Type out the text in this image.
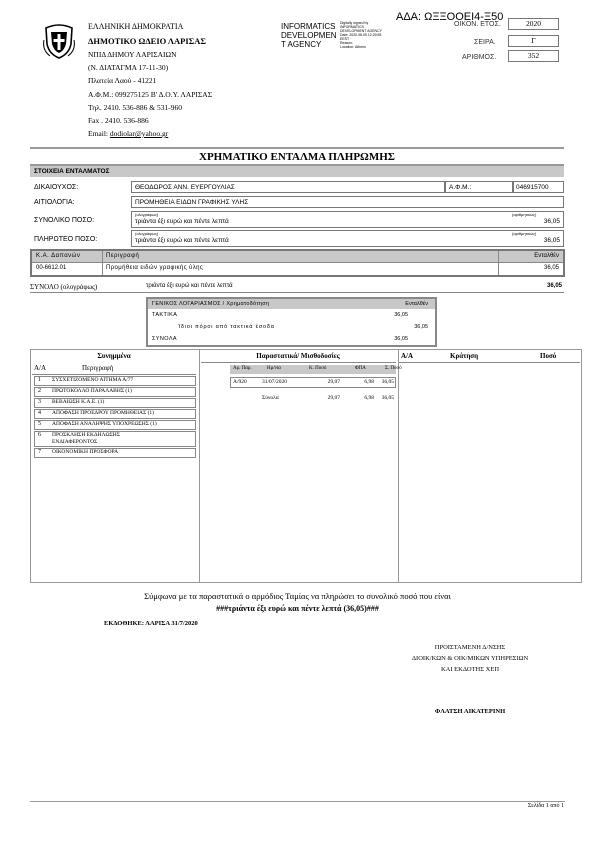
ΕΛΛΗΝΙΚΗ ΔΗΜΟΚΡΑΤΙΑ
ΔΗΜΟΤΙΚΟ ΩΔΕΙΟ ΛΑΡΙΣΑΣ
ΝΠΙΔ ΔΗΜΟΥ ΛΑΡΙΣΑΙΩΝ
(Ν. ΔΙΑΤΑΓΜΑ 17-11-30)
Πλατεία Λαού - 41221
Α.Φ.Μ.: 099275125 Β' Δ.Ο.Υ. ΛΑΡΙΣΑΣ
Τηλ. 2410. 536-886 & 531-960
Fax . 2410. 536-886
Email: dodiolar@yahoo.gr
INFORMATICS
DEVELOPMEN
T AGENCY
Digitally signed by
INFORMATICS
DEVELOPMENT AGENCY
Date: 2020.08.05 12:29:55
EEST
Reason:
Location: Athens
ΑΔΑ: ΩΞΞΟΟΕΙ4-Ξ50
ΟΙΚΟΝ. ΕΤΟΣ.	2020
ΣΕΙΡΑ.	Γ
ΑΡΙΘΜΟΣ.	352
ΧΡΗΜΑΤΙΚΟ ΕΝΤΑΛΜΑ ΠΛΗΡΩΜΗΣ
ΣΤΟΙΧΕΙΑ ΕΝΤΑΛΜΑΤΟΣ
ΔΙΚΑΙΟΥΧΟΣ:	ΘΕΟΔΩΡΟΣ ΑΝΝ. ΕΥΕΡΓΟΥΛΙΑΣ	Α.Φ.Μ.:	046915700
ΑΙΤΙΟΛΟΓΙΑ:	ΠΡΟΜΗΘΕΙΑ ΕΙΔΩΝ ΓΡΑΦΙΚΗΣ ΥΛΗΣ
ΣΥΝΟΛΙΚΟ ΠΟΣΟ:
(ολογράφως)
τριάντα έξι ευρώ και πέντε λεπτά
(αριθμητικώς)
36,05
ΠΛΗΡΩΤΕΟ ΠΟΣΟ:
(ολογράφως)
τριάντα έξι ευρώ και πέντε λεπτά
(αριθμητικώς)
36,05
Κ.Α. Δαπανών	Περιγραφή	Ενταλθέν
00-6612.01	Προμήθεια ειδών γραφικής ύλης	36,05
ΣΥΝΟΛΟ (ολογράφως)	τριάντα έξι ευρώ και πέντε λεπτά	36,05
ΓΕΝΙΚΟΣ ΛΟΓΑΡΙΑΣΜΟΣ / Χρηματοδότηση	Ενταλθέν
ΤΑΚΤΙΚΑ	36,05
Ίδιοι πόροι από τακτικά έσοδα	36,05
ΣΥΝΟΛΑ	36,05
Συνημμένα
Α/Α	Περιγραφή
1 ΣΥΣΧΕΤΙΖΟΜΕΝΟ ΑΙΤΗΜΑ Α/77
2 ΠΡΩΤΟΚΟΛΛΟ ΠΑΡΑΛΑΒΗΣ (1)
3 ΒΕΒΑΙΩΣΗ Κ.Α.Ε. (1)
4 ΑΠΟΦΑΣΗ ΠΡΟΕΔΡΟΥ ΠΡΟΜΗΘΕΙΑΣ (1)
5 ΑΠΟΦΑΣΗ ΑΝΑΛΗΨΗΣ ΥΠΟΧΡΕΩΣΗΣ (1)
6 ΠΡΟΣΚΛΗΣΗ ΕΚΔΗΛΩΣΗΣ ΕΝΔΙΑΦΕΡΟΝΤΟΣ
7 ΟΙΚΟΝΟΜΙΚΗ ΠΡΟΣΦΟΡΑ
Παραστατικά/ Μισθοδοσίες
Αρ. Παρ.	Ημ/νία	Κ. Ποσό	ΦΠΑ	Σ. Ποσό
Α/920	31/07/2020	29,07	6,98	36,05
Σύνολα	29,07	6,98	36,05
Α/Α	Κράτηση	Ποσό
Σύμφωνα με τα παραστατικά ο αρμόδιος Ταμίας να πληρώσει το συνολικό ποσό που είναι
###τριάντα έξι ευρώ και πέντε λεπτά (36,05)###
ΕΚΔΟΘΗΚΕ: ΛΑΡΙΣΑ 31/7/2020
ΠΡΟΙΣΤΑΜΕΝΗ Δ/ΝΣΗΣ
ΔΙΟΙΚ/ΚΩΝ & ΟΙΚ/ΜΙΚΩΝ ΥΠΗΡΕΣΙΩΝ
ΚΑΙ ΕΚΔΟΤΗΣ ΧΕΠ
ΦΛΑΤΣΗ ΑΙΚΑΤΕΡΙΝΗ
Σελίδα 1 από 1
